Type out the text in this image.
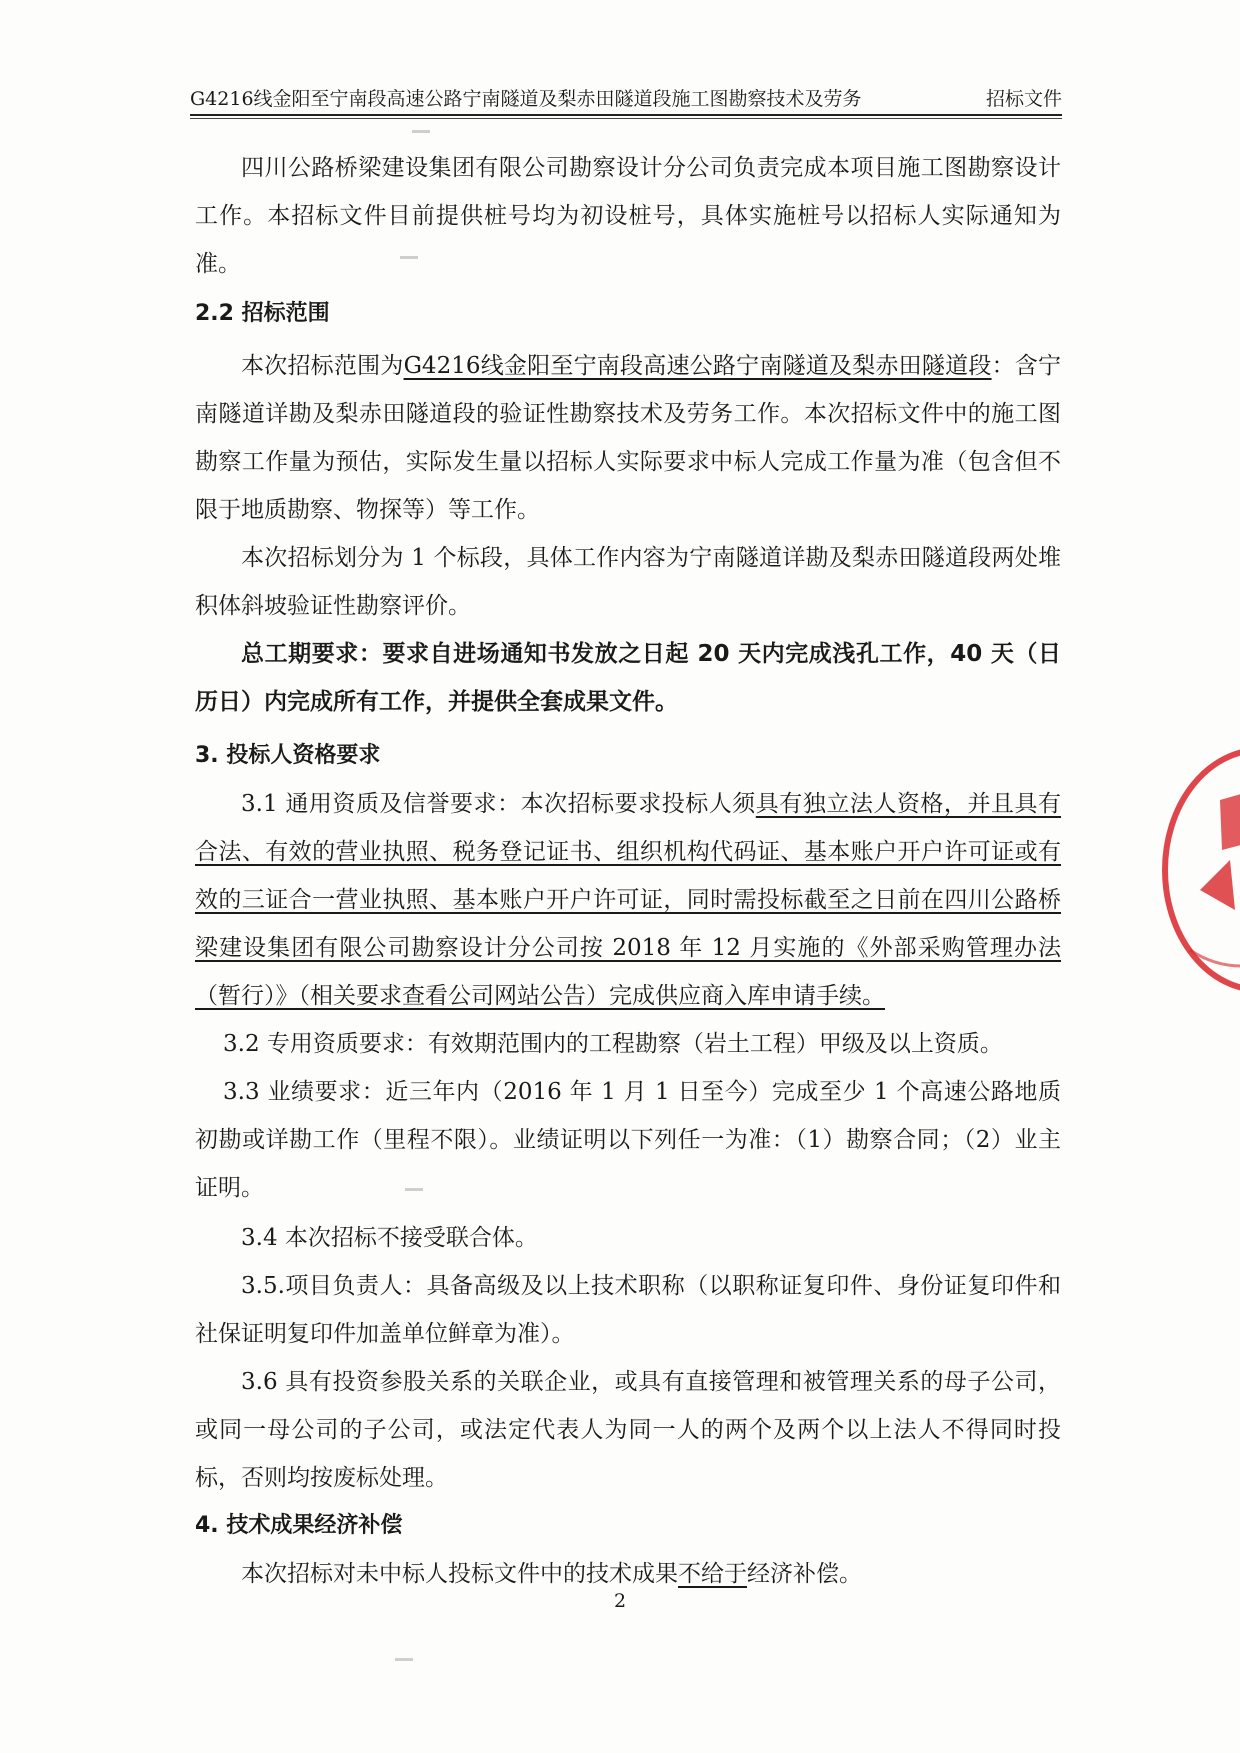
G4216线金阳至宁南段高速公路宁南隧道及梨赤田隧道段施工图勘察技术及劳务	招标文件

四川公路桥梁建设集团有限公司勘察设计分公司负责完成本项目施工图勘察设计工作。本招标文件目前提供桩号均为初设桩号，具体实施桩号以招标人实际通知为准。

2.2 招标范围

本次招标范围为G4216线金阳至宁南段高速公路宁南隧道及梨赤田隧道段：含宁南隧道详勘及梨赤田隧道段的验证性勘察技术及劳务工作。本次招标文件中的施工图勘察工作量为预估，实际发生量以招标人实际要求中标人完成工作量为准（包含但不限于地质勘察、物探等）等工作。

本次招标划分为 1 个标段，具体工作内容为宁南隧道详勘及梨赤田隧道段两处堆积体斜坡验证性勘察评价。

总工期要求：要求自进场通知书发放之日起 20 天内完成浅孔工作，40 天（日历日）内完成所有工作，并提供全套成果文件。

3. 投标人资格要求

3.1 通用资质及信誉要求：本次招标要求投标人须具有独立法人资格，并且具有合法、有效的营业执照、税务登记证书、组织机构代码证、基本账户开户许可证或有效的三证合一营业执照、基本账户开户许可证，同时需投标截至之日前在四川公路桥梁建设集团有限公司勘察设计分公司按 2018 年 12 月实施的《外部采购管理办法（暂行）》（相关要求查看公司网站公告）完成供应商入库申请手续。

3.2 专用资质要求：有效期范围内的工程勘察（岩土工程）甲级及以上资质。

3.3 业绩要求：近三年内（2016 年 1 月 1 日至今）完成至少 1 个高速公路地质初勘或详勘工作（里程不限）。业绩证明以下列任一为准：（1）勘察合同；（2）业主证明。

3.4 本次招标不接受联合体。

3.5.项目负责人：具备高级及以上技术职称（以职称证复印件、身份证复印件和社保证明复印件加盖单位鲜章为准）。

3.6 具有投资参股关系的关联企业，或具有直接管理和被管理关系的母子公司，或同一母公司的子公司，或法定代表人为同一人的两个及两个以上法人不得同时投标，否则均按废标处理。

4. 技术成果经济补偿

本次招标对未中标人投标文件中的技术成果不给于经济补偿。

2
